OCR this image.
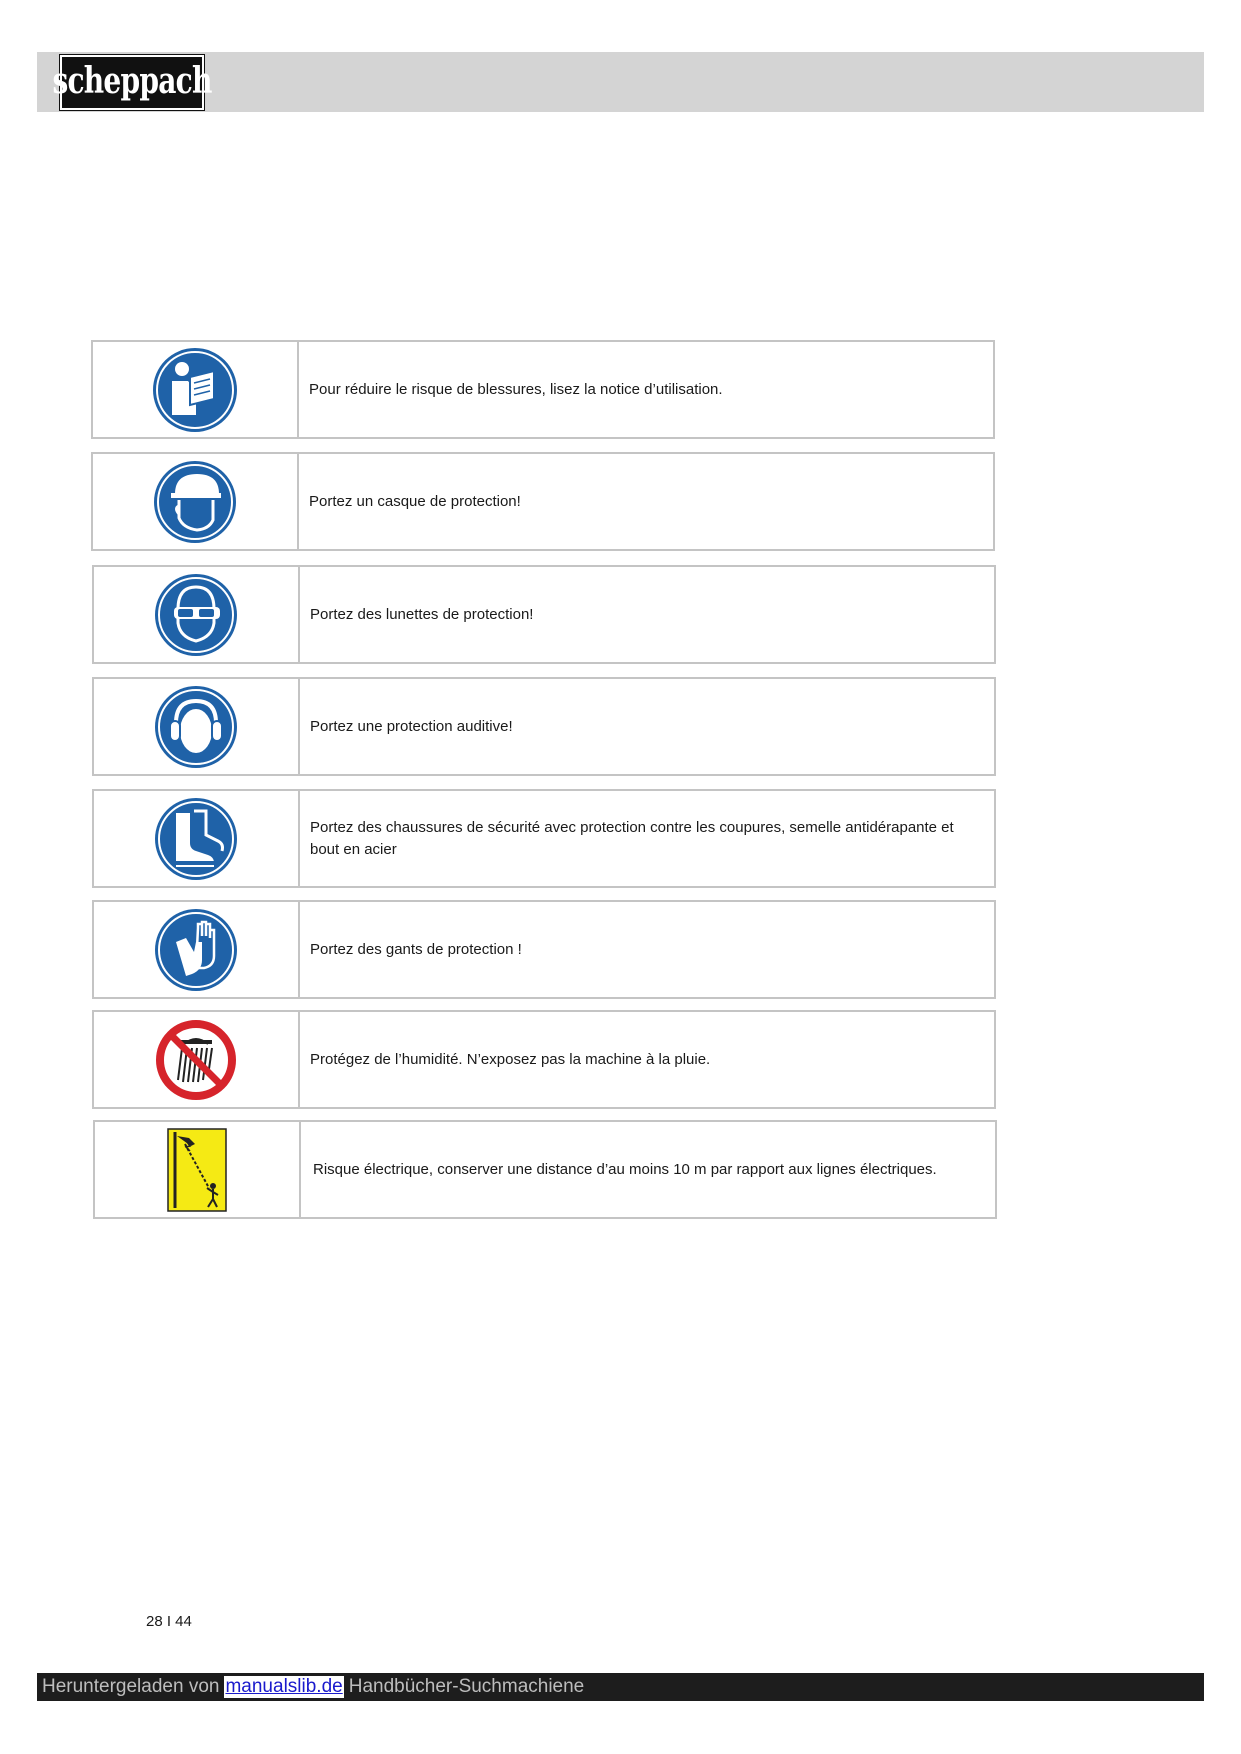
scheppach
Pour réduire le risque de blessures, lisez la notice d’utilisation.
Portez un casque de protection!
Portez des lunettes de protection!
Portez une protection auditive!
Portez des chaussures de sécurité avec protection contre les coupures, semelle antidérapante et bout en acier
Portez des gants de protection !
Protégez de l’humidité. N’exposez pas la machine à la pluie.
Risque électrique, conserver une distance d’au moins 10 m par rapport aux lignes électriques.
28 I 44
Heruntergeladen von manualslib.de Handbücher-Suchmachiene
